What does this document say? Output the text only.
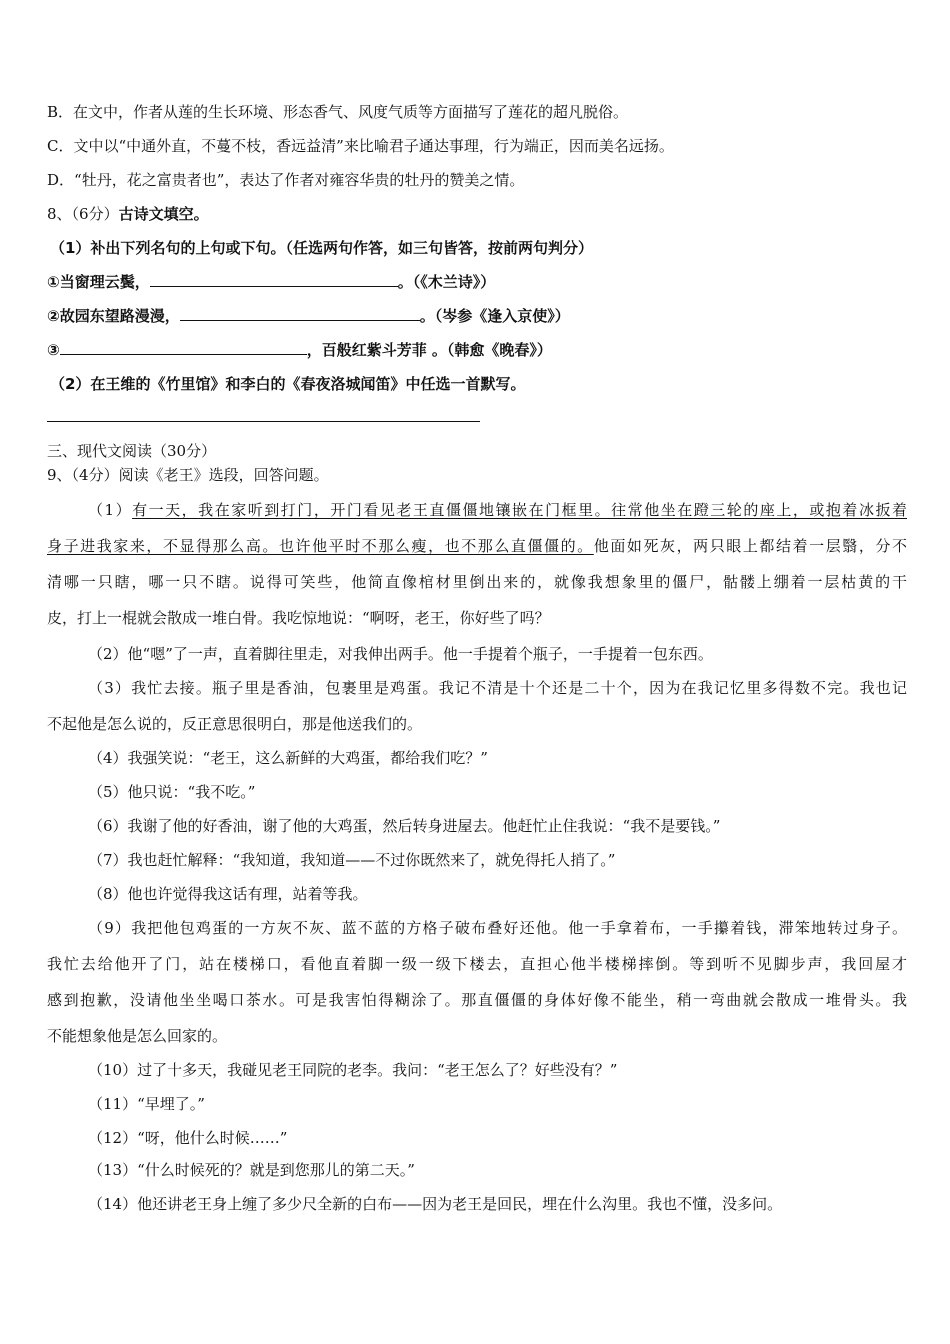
B．在文中，作者从莲的生长环境、形态香气、风度气质等方面描写了莲花的超凡脱俗。
C．文中以“中通外直，不蔓不枝，香远益清”来比喻君子通达事理，行为端正，因而美名远扬。
D．“牡丹，花之富贵者也”，表达了作者对雍容华贵的牡丹的赞美之情。
8、（6分）古诗文填空。
（1）补出下列名句的上句或下句。（任选两句作答，如三句皆答，按前两句判分）
①当窗理云鬓，	。（《木兰诗》）
②故园东望路漫漫，	。（岑参《逢入京使》）
③	，百般红紫斗芳菲 。（韩愈《晚春》）
（2）在王维的《竹里馆》和李白的《春夜洛城闻笛》中任选一首默写。
三、现代文阅读（30分）
9、（4分）阅读《老王》选段，回答问题。
（1）有一天，我在家听到打门，开门看见老王直僵僵地镶嵌在门框里。往常他坐在蹬三轮的座上，或抱着冰扳着
身子进我家来，不显得那么高。也许他平时不那么瘦，也不那么直僵僵的。他面如死灰，两只眼上都结着一层翳，分不
清哪一只瞎，哪一只不瞎。说得可笑些，他简直像棺材里倒出来的，就像我想象里的僵尸，骷髅上绷着一层枯黄的干
皮，打上一棍就会散成一堆白骨。我吃惊地说：“啊呀，老王，你好些了吗？
（2）他“嗯”了一声，直着脚往里走，对我伸出两手。他一手提着个瓶子，一手提着一包东西。
（3）我忙去接。瓶子里是香油，包裹里是鸡蛋。我记不清是十个还是二十个，因为在我记忆里多得数不完。我也记
不起他是怎么说的，反正意思很明白，那是他送我们的。
（4）我强笑说：“老王，这么新鲜的大鸡蛋，都给我们吃？”
（5）他只说：“我不吃。”
（6）我谢了他的好香油，谢了他的大鸡蛋，然后转身进屋去。他赶忙止住我说：“我不是要钱。”
（7）我也赶忙解释：“我知道，我知道——不过你既然来了，就免得托人捎了。”
（8）他也许觉得我这话有理，站着等我。
（9）我把他包鸡蛋的一方灰不灰、蓝不蓝的方格子破布叠好还他。他一手拿着布，一手攥着钱，滞笨地转过身子。
我忙去给他开了门，站在楼梯口，看他直着脚一级一级下楼去，直担心他半楼梯摔倒。等到听不见脚步声，我回屋才
感到抱歉，没请他坐坐喝口茶水。可是我害怕得糊涂了。那直僵僵的身体好像不能坐，稍一弯曲就会散成一堆骨头。我
不能想象他是怎么回家的。
（10）过了十多天，我碰见老王同院的老李。我问：“老王怎么了？好些没有？”
（11）“早埋了。”
（12）“呀，他什么时候……”
（13）“什么时候死的？就是到您那儿的第二天。”
（14）他还讲老王身上缠了多少尺全新的白布——因为老王是回民，埋在什么沟里。我也不懂，没多问。
